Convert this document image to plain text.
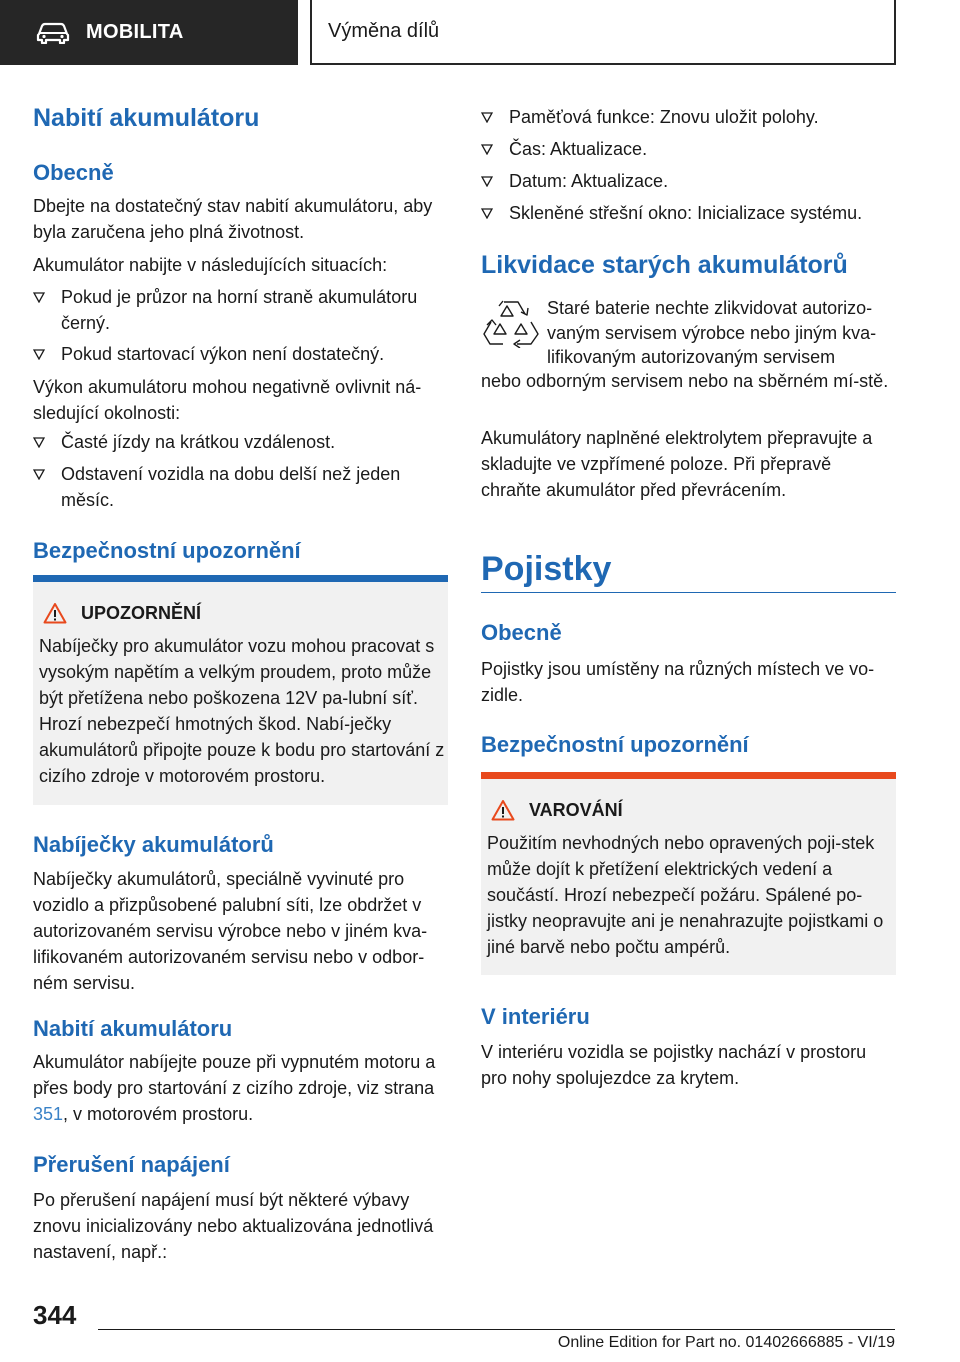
MOBILITA	Výměna dílů
Nabití akumulátoru
Obecně
Dbejte na dostatečný stav nabití akumulátoru, aby byla zaručena jeho plná životnost.
Akumulátor nabijte v následujících situacích:
Pokud je průzor na horní straně akumulátoru černý.
Pokud startovací výkon není dostatečný.
Výkon akumulátoru mohou negativně ovlivnit ná-sledující okolnosti:
Časté jízdy na krátkou vzdálenost.
Odstavení vozidla na dobu delší než jeden měsíc.
Bezpečnostní upozornění
UPOZORNĚNÍ
Nabíječky pro akumulátor vozu mohou pracovat s vysokým napětím a velkým proudem, proto může být přetížena nebo poškozena 12V pa-lubní síť. Hrozí nebezpečí hmotných škod. Nabí-ječky akumulátorů připojte pouze k bodu pro startování z cizího zdroje v motorovém prostoru.
Nabíječky akumulátorů
Nabíječky akumulátorů, speciálně vyvinuté pro vozidlo a přizpůsobené palubní síti, lze obdržet v autorizovaném servisu výrobce nebo v jiném kva-lifikovaném autorizovaném servisu nebo v odbor-ném servisu.
Nabití akumulátoru
Akumulátor nabíjejte pouze při vypnutém motoru a přes body pro startování z cizího zdroje, viz strana 351, v motorovém prostoru.
Přerušení napájení
Po přerušení napájení musí být některé výbavy znovu inicializovány nebo aktualizována jednotlivá nastavení, např.:
Paměťová funkce: Znovu uložit polohy.
Čas: Aktualizace.
Datum: Aktualizace.
Skleněné střešní okno: Inicializace systému.
Likvidace starých akumulátorů
Staré baterie nechte zlikvidovat autorizo-
vaným servisem výrobce nebo jiným kva-
lifikovaným autorizovaným servisem
nebo odborným servisem nebo na sběrném mí-stě.
Akumulátory naplněné elektrolytem přepravujte a skladujte ve vzpřímené poloze. Při přepravě chraňte akumulátor před převrácením.
Pojistky
Obecně
Pojistky jsou umístěny na různých místech ve vo-zidle.
Bezpečnostní upozornění
VAROVÁNÍ
Použitím nevhodných nebo opravených poji-stek může dojít k přetížení elektrických vedení a součástí. Hrozí nebezpečí požáru. Spálené po-jistky neopravujte ani je nenahrazujte pojistkami o jiné barvě nebo počtu ampérů.
V interiéru
V interiéru vozidla se pojistky nachází v prostoru pro nohy spolujezdce za krytem.
344
Online Edition for Part no. 01402666885 - VI/19
